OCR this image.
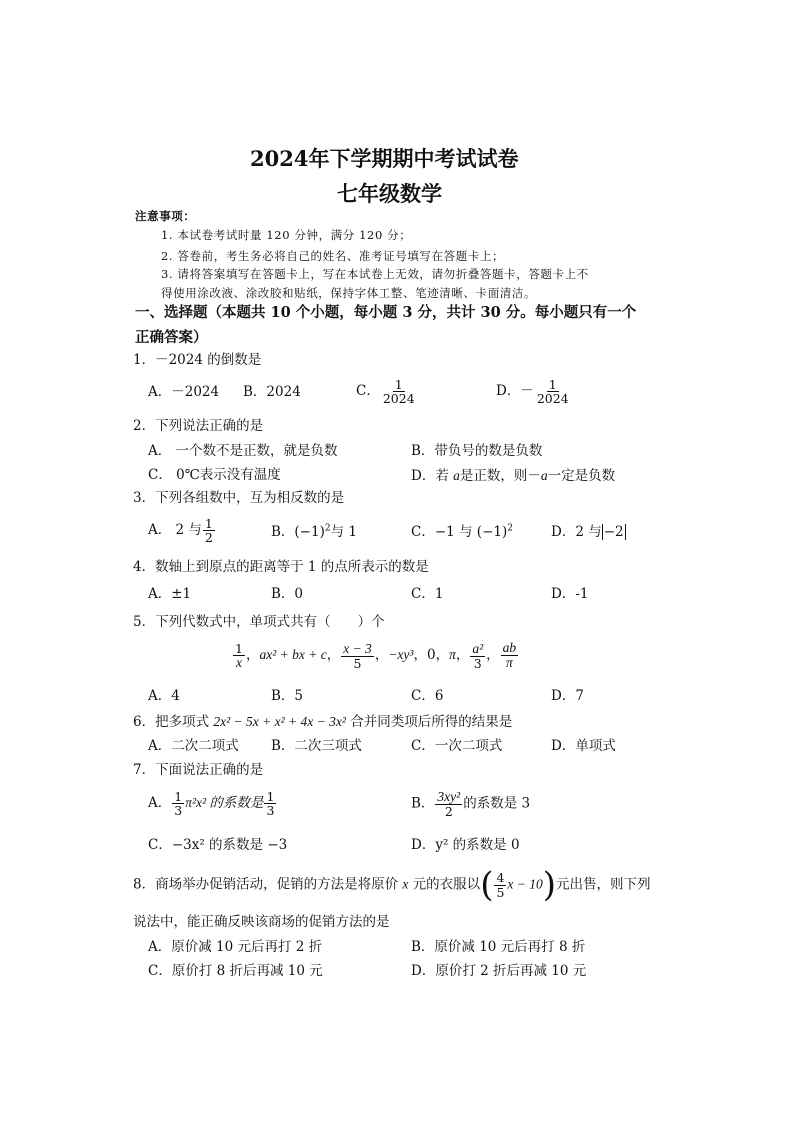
2024年下学期期中考试试卷
七年级数学
注意事项：
1. 本试卷考试时量 120 分钟，满分 120 分；
2. 答卷前，考生务必将自己的姓名、准考证号填写在答题卡上；
3. 请将答案填写在答题卡上，写在本试卷上无效，请勿折叠答题卡，答题卡上不
得使用涂改液、涂改胶和贴纸，保持字体工整、笔迹清晰、卡面清洁。
一、选择题（本题共 10 个小题，每小题 3 分，共计 30 分。每小题只有一个
正确答案）
1．－2024 的倒数是
A．－2024 B．2024	C． $\frac{1}{2024}$	D．－ $\frac{1}{2024}$
2．下列说法正确的是
A． 一个数不是正数，就是负数	B．带负号的数是负数
C． 0℃表示没有温度	D．若 a是正数，则－a一定是负数
3．下列各组数中，互为相反数的是
A． 2 与 $\frac{1}{2}$	B．$(-1)^2$与 1	C．−1 与 $(-1)^2$	D．2 与 −2
4．数轴上到原点的距离等于 1 的点所表示的数是
A．±1	B．0	C．1	D．-1
5．下列代数式中，单项式共有（　　）个
$\frac{1}{x}$ ，ax² + bx + c， $\frac{x - 3}{5}$ ，−xy³，0，π， $\frac{\text{a²}}{3}$ ， $\frac{ab}{\pi}$
A．4	B．5	C．6	D．7
6．把多项式 2x² − 5x + x² + 4x − 3x² 合并同类项后所得的结果是
A．二次二项式 B．二次三项式	C．一次二项式	D．单项式
7．下面说法正确的是
A． $\frac{1}{3} \pi^2x^2$ 的系数是 $\frac{1}{3}$	B． $\frac{\text{3xy²}}{2}$ 的系数是 3
C．−3x² 的系数是 −3	D．y² 的系数是 0
8．商场举办促销活动，促销的方法是将原价 x 元的衣服以( $\frac{4}{5}$ x − 10)元出售，则下列
说法中，能正确反映该商场的促销方法的是
A．原价减 10 元后再打 2 折	B．原价减 10 元后再打 8 折
C．原价打 8 折后再减 10 元	D．原价打 2 折后再减 10 元
